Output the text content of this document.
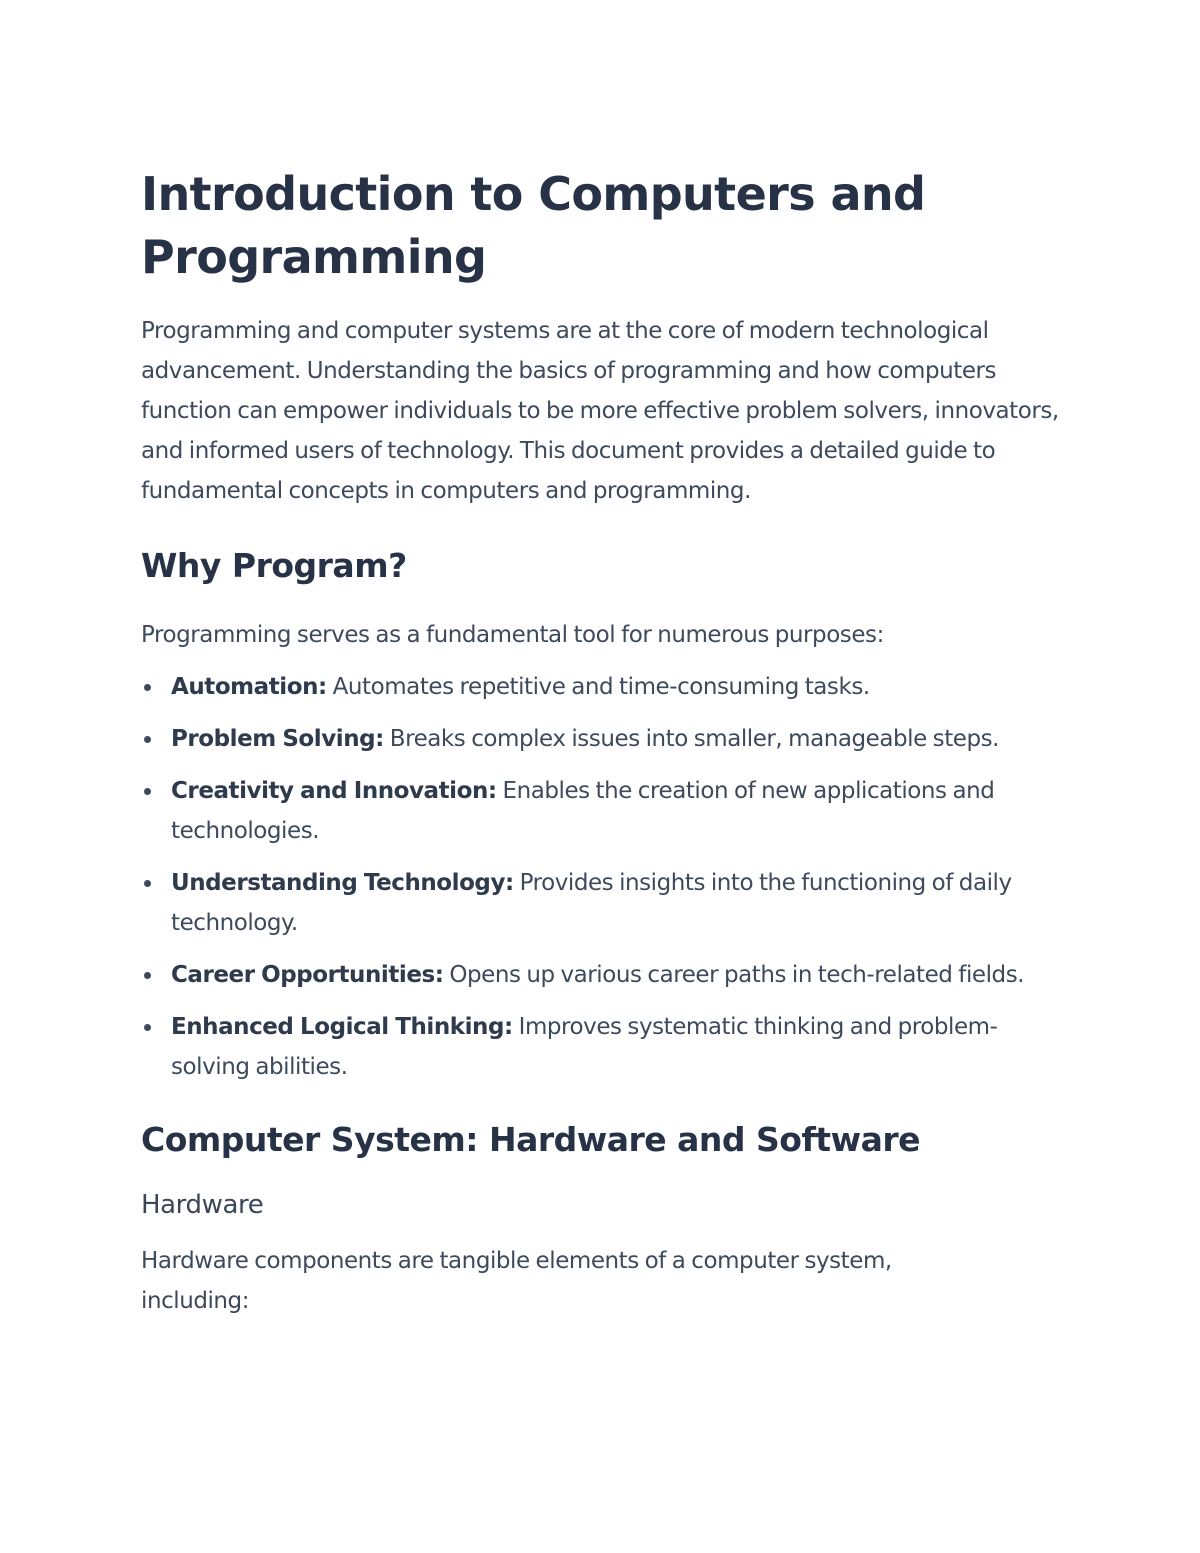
Introduction to Computers and Programming

Programming and computer systems are at the core of modern technological advancement. Understanding the basics of programming and how computers function can empower individuals to be more effective problem solvers, innovators, and informed users of technology. This document provides a detailed guide to fundamental concepts in computers and programming.

Why Program?

Programming serves as a fundamental tool for numerous purposes:

Automation: Automates repetitive and time-consuming tasks.
Problem Solving: Breaks complex issues into smaller, manageable steps.
Creativity and Innovation: Enables the creation of new applications and technologies.
Understanding Technology: Provides insights into the functioning of daily technology.
Career Opportunities: Opens up various career paths in tech-related fields.
Enhanced Logical Thinking: Improves systematic thinking and problem-solving abilities.
Computer System: Hardware and Software
Hardware

Hardware components are tangible elements of a computer system, including:
